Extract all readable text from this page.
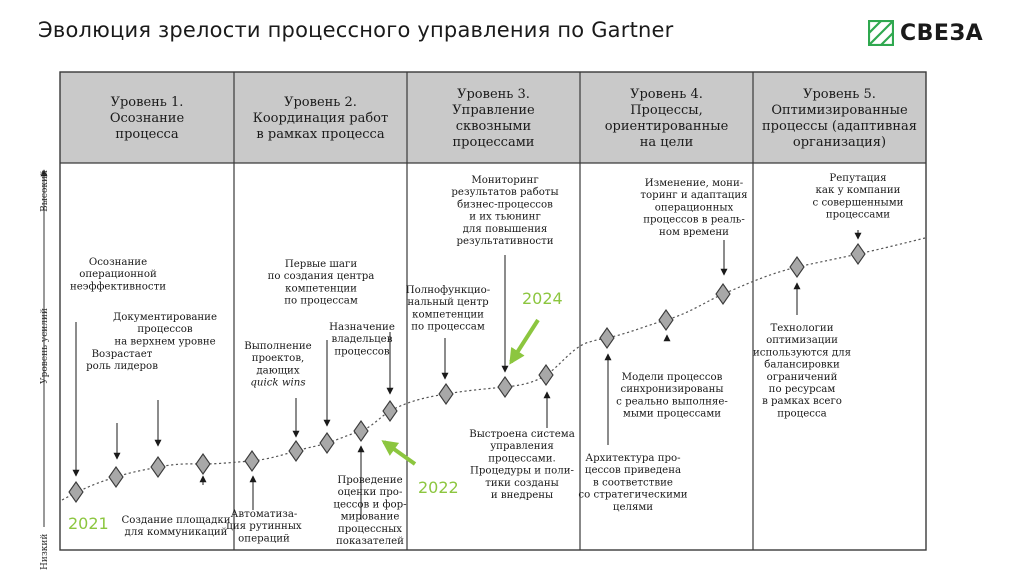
Эволюция зрелости процессного управления по Gartner	СВЕЗА
Высокий
Уровень усилий
Низкий
Уровень 1. Осознание процесса
Уровень 2. Координация работ в рамках процесса
Уровень 3. Управление сквозными процессами
Уровень 4. Процессы, ориентированные на цели
Уровень 5. Оптимизированные процессы (адаптивная организация)
Осознание операционной неэффективности
Документирование процессов на верхнем уровне
Возрастает роль лидеров
Создание площадки для коммуникаций
Первые шаги по создания центра компетенции по процессам
Выполнение проектов, дающих quick wins
Назначение владельцев процессов
Автоматиза-ция рутинных операций
Проведение оценки про-цессов и фор-мирование процессных показателей
Мониторинг результатов работы бизнес-процессов и их тьюнинг для повышения результативности
Полнофункцио-нальный центр компетенции по процессам
Выстроена система управления процессами. Процедуры и поли-тики созданы и внедрены
Изменение, мони-торинг и адаптация операционных процессов в реаль-ном времени
Модели процессов синхронизированы с реально выполняе-мыми процессами
Архитектура про-цессов приведена в соответствие со стратегическими целями
Репутация как у компании с совершенными процессами
Технологии оптимизации используются для балансировки ограничений по ресурсам в рамках всего процесса
2021
2022
2024
